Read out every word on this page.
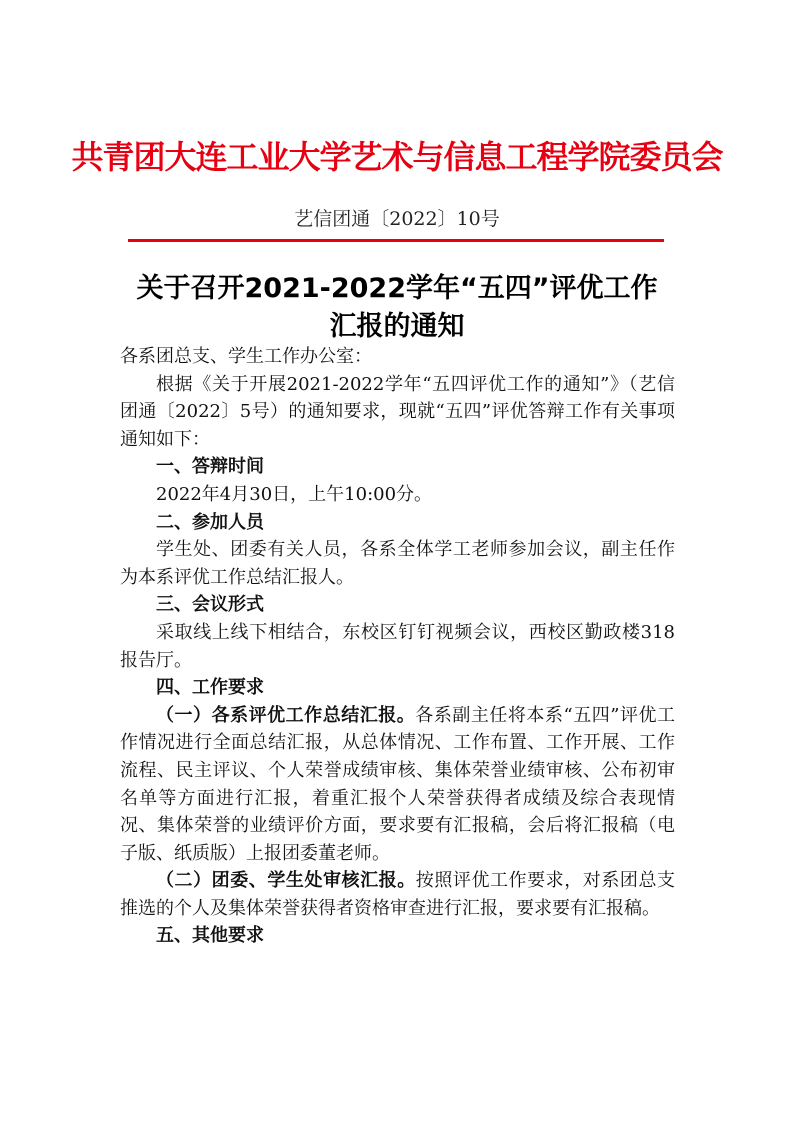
共青团大连工业大学艺术与信息工程学院委员会
艺信团通〔2022〕10号
关于召开2021-2022学年“五四”评优工作
汇报的通知

各系团总支、学生工作办公室：

根据《关于开展2021-2022学年“五四评优工作的通知”》（艺信团通〔2022〕5号）的通知要求，现就“五四”评优答辩工作有关事项通知如下：

一、答辩时间

2022年4月30日，上午10:00分。

二、参加人员

学生处、团委有关人员，各系全体学工老师参加会议，副主任作为本系评优工作总结汇报人。

三、会议形式

采取线上线下相结合，东校区钉钉视频会议，西校区勤政楼318报告厅。

四、工作要求

（一）各系评优工作总结汇报。各系副主任将本系“五四”评优工作情况进行全面总结汇报，从总体情况、工作布置、工作开展、工作流程、民主评议、个人荣誉成绩审核、集体荣誉业绩审核、公布初审名单等方面进行汇报，着重汇报个人荣誉获得者成绩及综合表现情况、集体荣誉的业绩评价方面，要求要有汇报稿，会后将汇报稿（电子版、纸质版）上报团委董老师。

（二）团委、学生处审核汇报。按照评优工作要求，对系团总支推选的个人及集体荣誉获得者资格审查进行汇报，要求要有汇报稿。

五、其他要求
